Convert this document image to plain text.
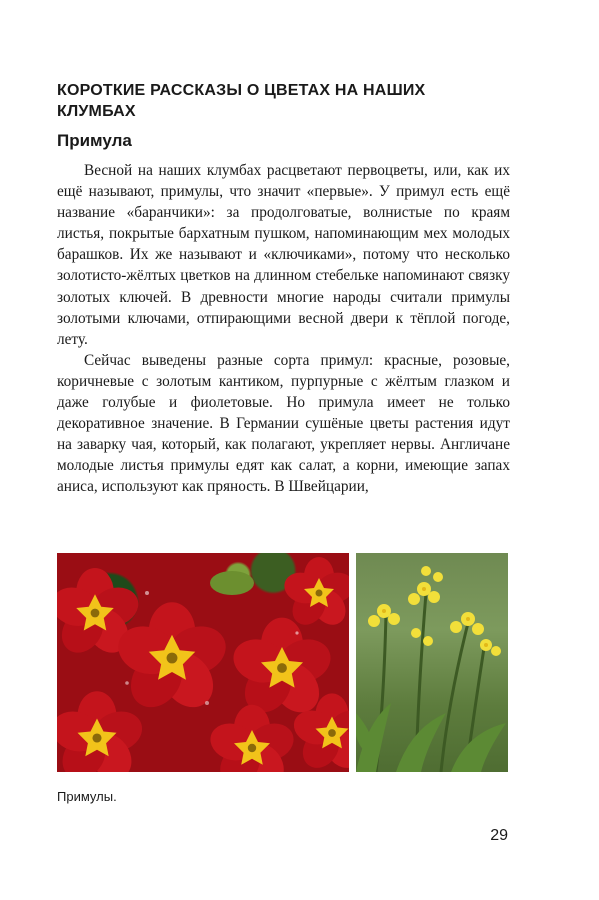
КОРОТКИЕ РАССКАЗЫ О ЦВЕТАХ НА НАШИХ КЛУМБАХ
Примула

Весной на наших клумбах расцветают первоцветы, или, как их ещё называют, примулы, что значит «первые». У примул есть ещё название «баранчики»: за продолговатые, волнистые по краям листья, покрытые бархатным пушком, напоминающим мех молодых барашков. Их же называют и «ключиками», потому что несколько золотисто-жёлтых цветков на длинном стебельке напоминают связку золотых ключей. В древности многие народы считали примулы золотыми ключами, отпирающими весной двери к тёплой погоде, лету.

Сейчас выведены разные сорта примул: красные, розовые, коричневые с золотым кантиком, пурпурные с жёлтым глазком и даже голубые и фиолетовые. Но примула имеет не только декоративное значение. В Германии сушёные цветы растения идут на заварку чая, который, как полагают, укрепляет нервы. Англичане молодые листья примулы едят как салат, а корни, имеющие запах аниса, используют как пряность. В Швейцарии,

Примулы.

29
